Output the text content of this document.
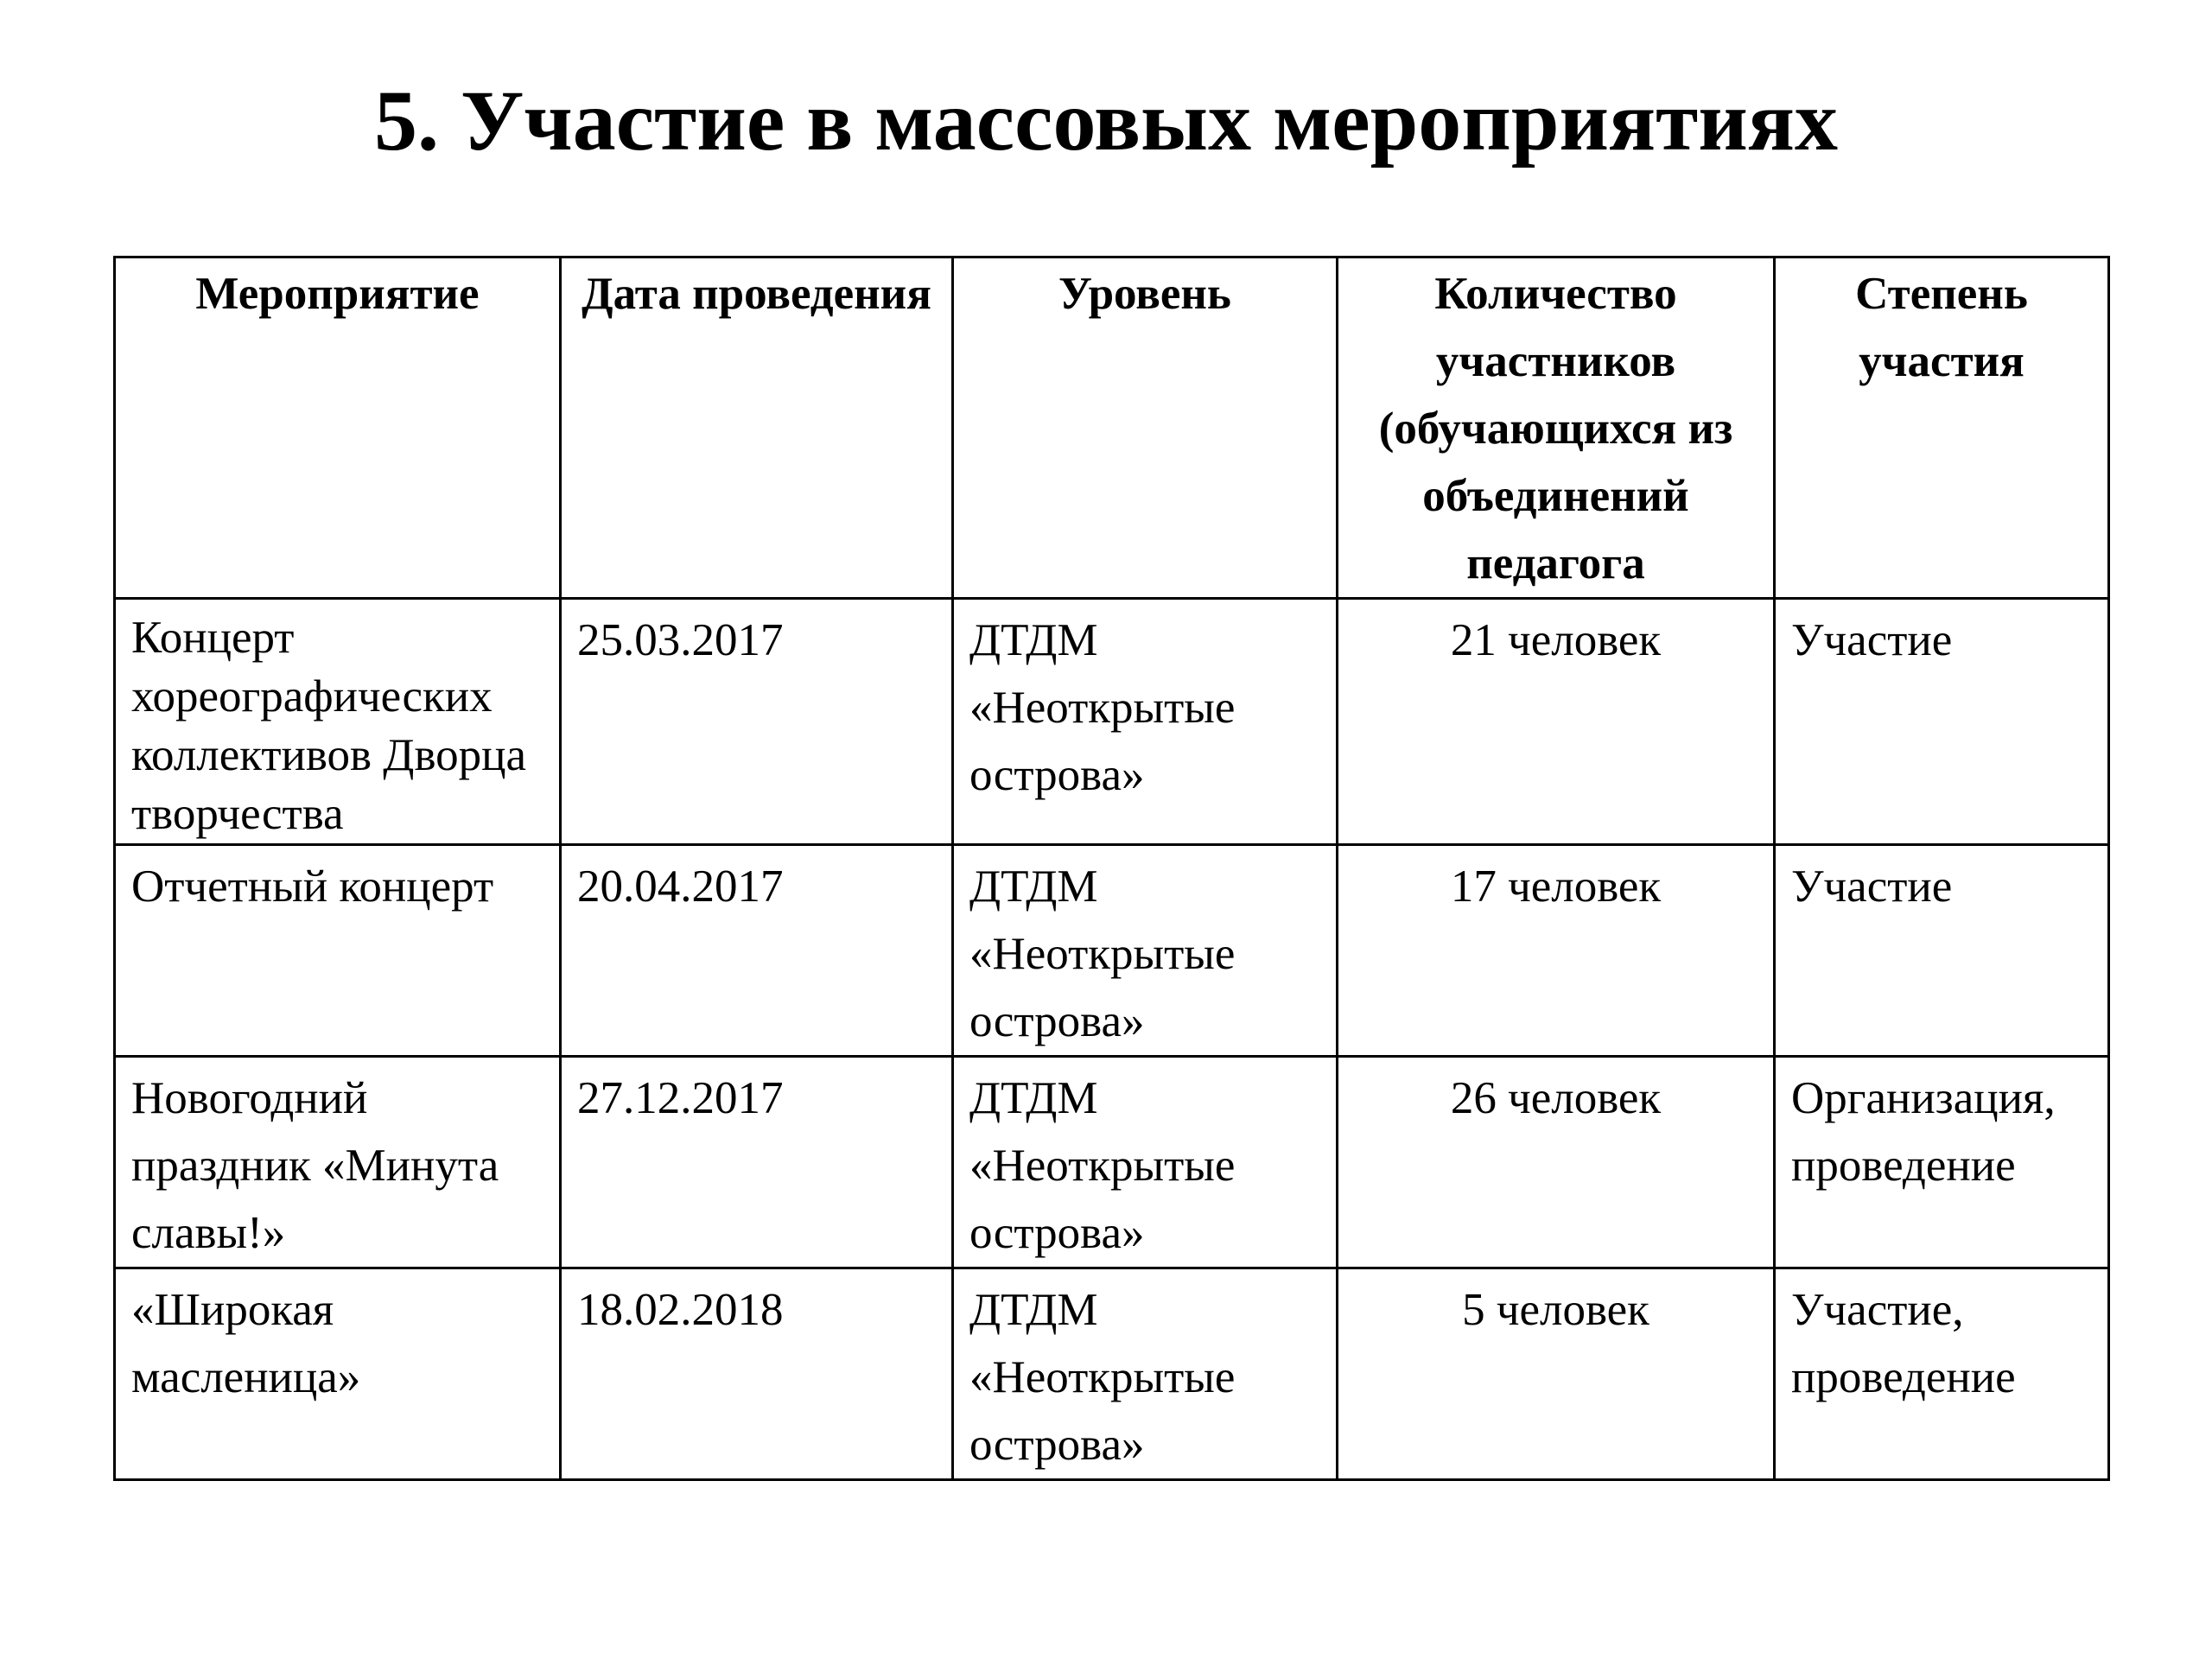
5. Участие в массовых мероприятиях
Мероприятие	Дата проведения	Уровень	Количество участников (обучающихся из объединений педагога	Степень участия
Концерт хореографических коллективов Дворца творчества	25.03.2017	ДТДМ «Неоткрытые острова»	21 человек	Участие
Отчетный концерт	20.04.2017	ДТДМ «Неоткрытые острова»	17 человек	Участие
Новогодний праздник «Минута славы!»	27.12.2017	ДТДМ «Неоткрытые острова»	26 человек	Организация, проведение
«Широкая масленица»	18.02.2018	ДТДМ «Неоткрытые острова»	5 человек	Участие, проведение
